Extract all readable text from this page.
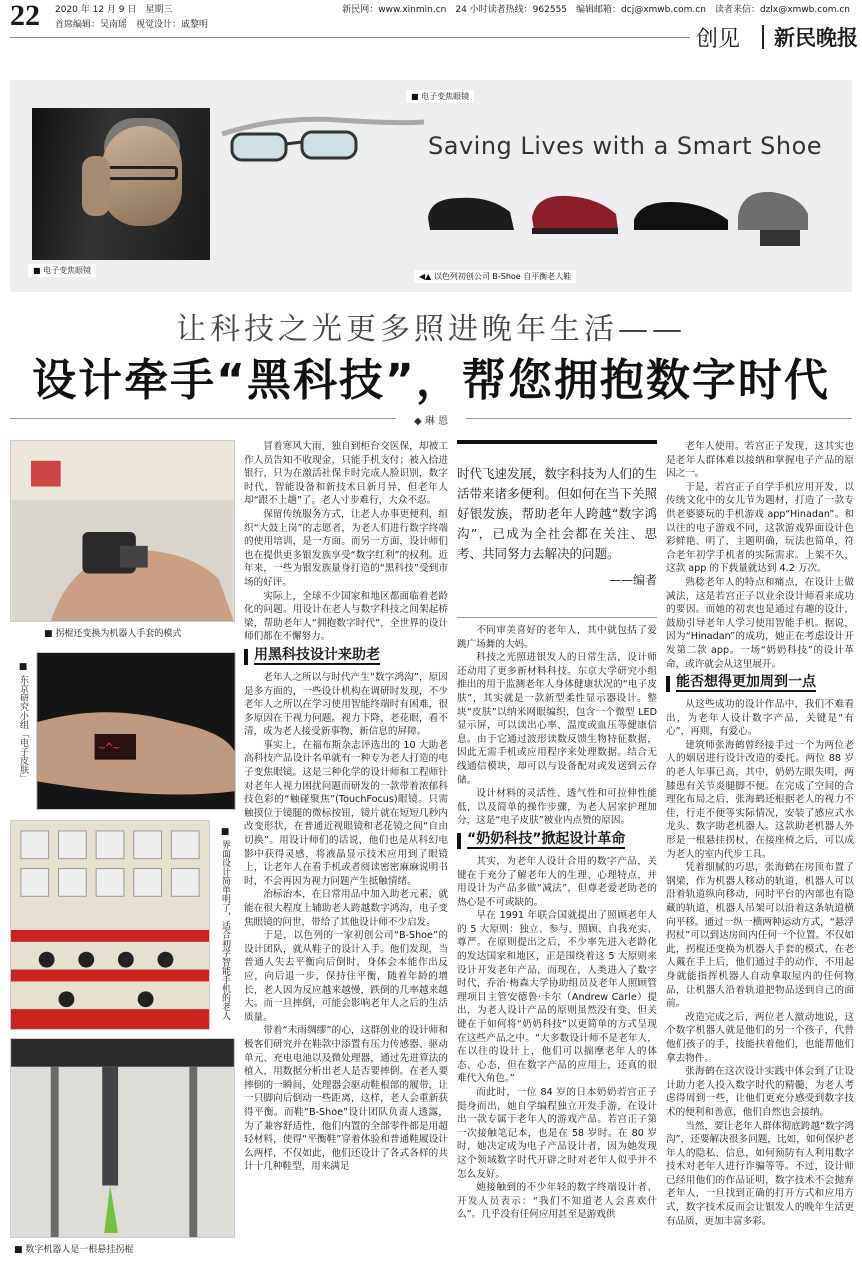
22 2020 年 12 月 9 日　星期三
首席编辑：吴南瑶　视觉设计：戚黎明
新民网：www.xinmin.cn　24 小时读者热线：962555　编辑邮箱：dcj@xmwb.com.cn　读者来信：dzlx@xmwb.com.cn
创见 新民晚报
■ 电子变焦眼镜
■ 电子变焦眼镜
Saving Lives with a Smart Shoe
◀▲ 以色列初创公司 B-Shoe 自平衡老人鞋
让科技之光更多照进晚年生活——
设计牵手“黑科技”，帮您拥抱数字时代
◆ 琳 恩
■ 拐棍还变换为机器人手套的模式
■ 东京研究小组「电子皮肤」	~^~
■ 界面设计简单明了，适合初学智能手机的老人
■ 数字机器人是一根悬挂拐棍

冒着寒风大雨，独自到柜台交医保，却被工作人员告知不收现金，只能手机支付；被入拾进银行，只为在激活社保卡时完成人脸识别，数字时代，智能设备和新技术日新月异，但老年人却“跟不上趟”了。老人寸步难行，大众不忍。

保留传统服务方式，让老人办事更便利，组织“大鼓上岗”的志愿者，为老人们进行数字终端的使用培训，是一方面。而另一方面，设计师们也在提供更多银发族享受“数字红利”的权利。近年来，一些为银发族量身打造的“黑科技”受到市场的好评。

实际上，全球不少国家和地区都面临着老龄化的问题。用设计在老人与数字科技之间架起桥梁，帮助老年人“拥抱数字时代”，全世界的设计师们都在不懈努力。

用黑科技设计来助老

老年人之所以与时代产生“数字鸿沟”，原因是多方面的，一些设计机构在调研时发现，不少老年人之所以在学习使用智能终端时有困难，很多原因在于视力问题。视力下降、老花眼，看不清，成为老人接受新事物、新信息的屏障。

事实上，在福布斯杂志评选出的 10 大助老高科技产品设计名单就有一种专为老人打造的电子变焦眼镜。这是三种化学的设计师和工程师针对老年人视力困扰问题而研发的一款带着浓郁科技色彩的“触碰聚焦”(TouchFocus)眼镜。只需触摸位于镜腿的微标按钮，镜片就在短短几秒内改变形状，在普通近视眼镜和老花镜之间“自由切换”。用设计师们的话说，他们也是从科幻电影中获得灵感，将液晶显示技术应用到了眼镜上，让老年人在看手机或者阅读密密麻麻说明书时，不会再因为视力问题产生抵触情绪。

治标治本，在日常用品中加入助老元素，就能在很大程度上辅助老人跨越数字鸿沟，电子变焦眼镜的问世，带给了其他设计师不少启发。

于是，以色列的一家初创公司“B-Shoe”的设计团队，就从鞋子的设计入手。他们发现，当普通人失去平衡向后倒时，身体会本能作出反应，向后退一步，保持住平衡，随着年龄的增长，老人因为反应越来越慢，跌倒的几率越来越大。而一旦摔倒，可能会影响老年人之后的生活质量。

带着“未雨绸缪”的心，这群创业的设计师和极客们研究并在鞋款中添置有压力传感器、驱动单元、充电电池以及微处理器，通过先进算法的植入，用数据分析出老人是否要摔倒。在老人要摔倒的一瞬间，处理器会驱动鞋根部的履带，让一只脚向后倒动一些距离，这样，老人会重新获得平衡。而鞋“B-Shoe”设计团队负责人透露，为了兼容舒适性，他们内置的全部零件都是用超轻材料，使得“平衡鞋”穿着体验和普通鞋履设计么两样，不仅如此，他们还设计了各式各样的共计十几种鞋型，用来满足

时代飞速发展，数字科技为人们的生活带来诸多便利。但如何在当下关照好银发族，帮助老年人跨越“数字鸿沟”，已成为全社会都在关注、思考、共同努力去解决的问题。
——编者

不同审美喜好的老年人，其中就包括了爱跳广场舞的大妈。

科技之光照进银发人的日常生活，设计师还动用了更多新材料科技。东京大学研究小组推出的用于监测老年人身体健康状况的“电子皮肤”，其实就是一款新型柔性显示器设计。整块“皮肤”以纳米网眼编织，包含一个微型 LED 显示屏，可以读出心率、温度或血压等健康信息。由于它通过波形读数反馈生物特征数据，因此无需手机或应用程序来处理数据。结合无线通信模块，却可以与设备配对或发送到云存储。

设计材料的灵活性、透气性和可拉伸性能低，以及简单的操作步骤，为老人居家护理加分，这是“电子皮肤”被业内点赞的原因。

“奶奶科技”掀起设计革命

其实，为老年人设计合用的数字产品，关键在于充分了解老年人的生理、心理特点，并用设计为产品多做“减法”，但尊老爱老助老的热心是不可或缺的。

早在 1991 年联合国就提出了照顾老年人的 5 大原则：独立、参与、照顾、自我充实、尊严。在原则提出之后，不少率先进入老龄化的发达国家和地区，正是围绕着这 5 大原则来设计开发老年产品，而现在，人类进入了数字时代，乔治·梅森大学协助组员及老年人照顾管理项目主管安德鲁·卡尔（Andrew Carle）提出，为老人设计产品的原则虽然没有变，但关键在于如何将“奶奶科技”以更简单的方式呈现在这些产品之中。“大多数设计师不是老年人，在以往的设计上，他们可以揣摩老年人的体态、心态，但在数字产品的应用上，还真的很难代入角色。”

而此时，一位 84 岁的日本奶奶若宫正子挺身而出，她自学编程独立开发手游，在设计出一款专属于老年人的游戏产品。若宫正子第一次接触笔记本，也是在 58 岁时。在 80 岁时，她决定成为电子产品设计者，因为她发现这个领域数字时代开辟之时对老年人似乎并不怎么友好。

她接触到的不少年轻的数字终端设计者、开发人员表示：“我们不知道老人会喜欢什么”。几乎没有任何应用甚至是游戏供

老年人使用。若宫正子发现，这其实也是老年人群体难以接纳和掌握电子产品的原因之一。

于是，若宫正子自学手机应用开发，以传统文化中的女儿节为题材，打造了一款专供老婆婆玩的手机游戏 app“Hinadan”。和以往的电子游戏不同，这款游戏界面设计色彩鲜艳、明了，主题明确，玩法也简单，符合老年初学手机者的实际需求。上架不久，这款 app 的下载量就达到 4.2 万次。

熟稔老年人的特点和痛点，在设计上做减法，这是若宫正子以业余设计师看来成功的要因。而她的初衷也是通过有趣的设计，鼓励引导老年人学习使用智能手机。据说，因为“Hinadan”的成功，她正在考虑设计开发第二款 app。一场“奶奶科技”的设计革命，或许就会从这里展开。

能否想得更加周到一点

从这些成功的设计作品中，我们不难看出，为老年人设计数字产品，关键是“有心”，再则，有爱心。

建筑师张海鹤曾经接手过一个为两位老人的姻居进行设计改造的委托。两位 88 岁的老人年事已高，其中，奶奶左眼失明，两膝患有关节炎腿脚不便。在完成了空间的合理化布局之后，张海鹤还根据老人的视力不佳，行走不便等实际情况，安装了感应式水龙头、数字助老机器人。这款助老机器人外形是一根悬挂拐杖，在接座椅之后，可以成为老人的室内代步工具。

凭着细腻的巧思，张海鹤在房顶布置了钢梁，作为机器人移动的轨道，机器人可以沿着轨道纵向移动，同时平台的内部也有隐藏的轨道，机器人吊架可以沿着这条轨道横向平移。通过一纵一横两种运动方式，“悬浮拐杖”可以到达房间内任何一个位置。不仅如此，拐棍还变换为机器人手套的模式，在老人戴在手上后，他们通过手的动作，不用起身就能指挥机器人自动拿取屋内的任何物品，让机器人沿着轨道把物品送到自己的面前。

改造完成之后，两位老人激动地说，这个数字机器人就是他们的另一个孩子，代替他们孩子的手，技能扶着他们，也能帮他们拿去物件。

张海鹤在这次设计实践中体会到了让设计助力老人投入数字时代的精髓，为老人考虑得周到一些，让他们更充分感受到数字技术的便利和善意，他们自然也会接纳。

当然，要让老年人群体彻底跨越“数字鸿沟”，还要解决很多问题，比如，如何保护老年人的隐私、信息，如何预防有人利用数字技术对老年人进行诈骗等等。不过，设计师已经用他们的作品证明，数字技术不会抛弃老年人，一旦找到正确的打开方式和应用方式，数字技术反而会让银发人的晚年生活更有品质，更加丰富多彩。
